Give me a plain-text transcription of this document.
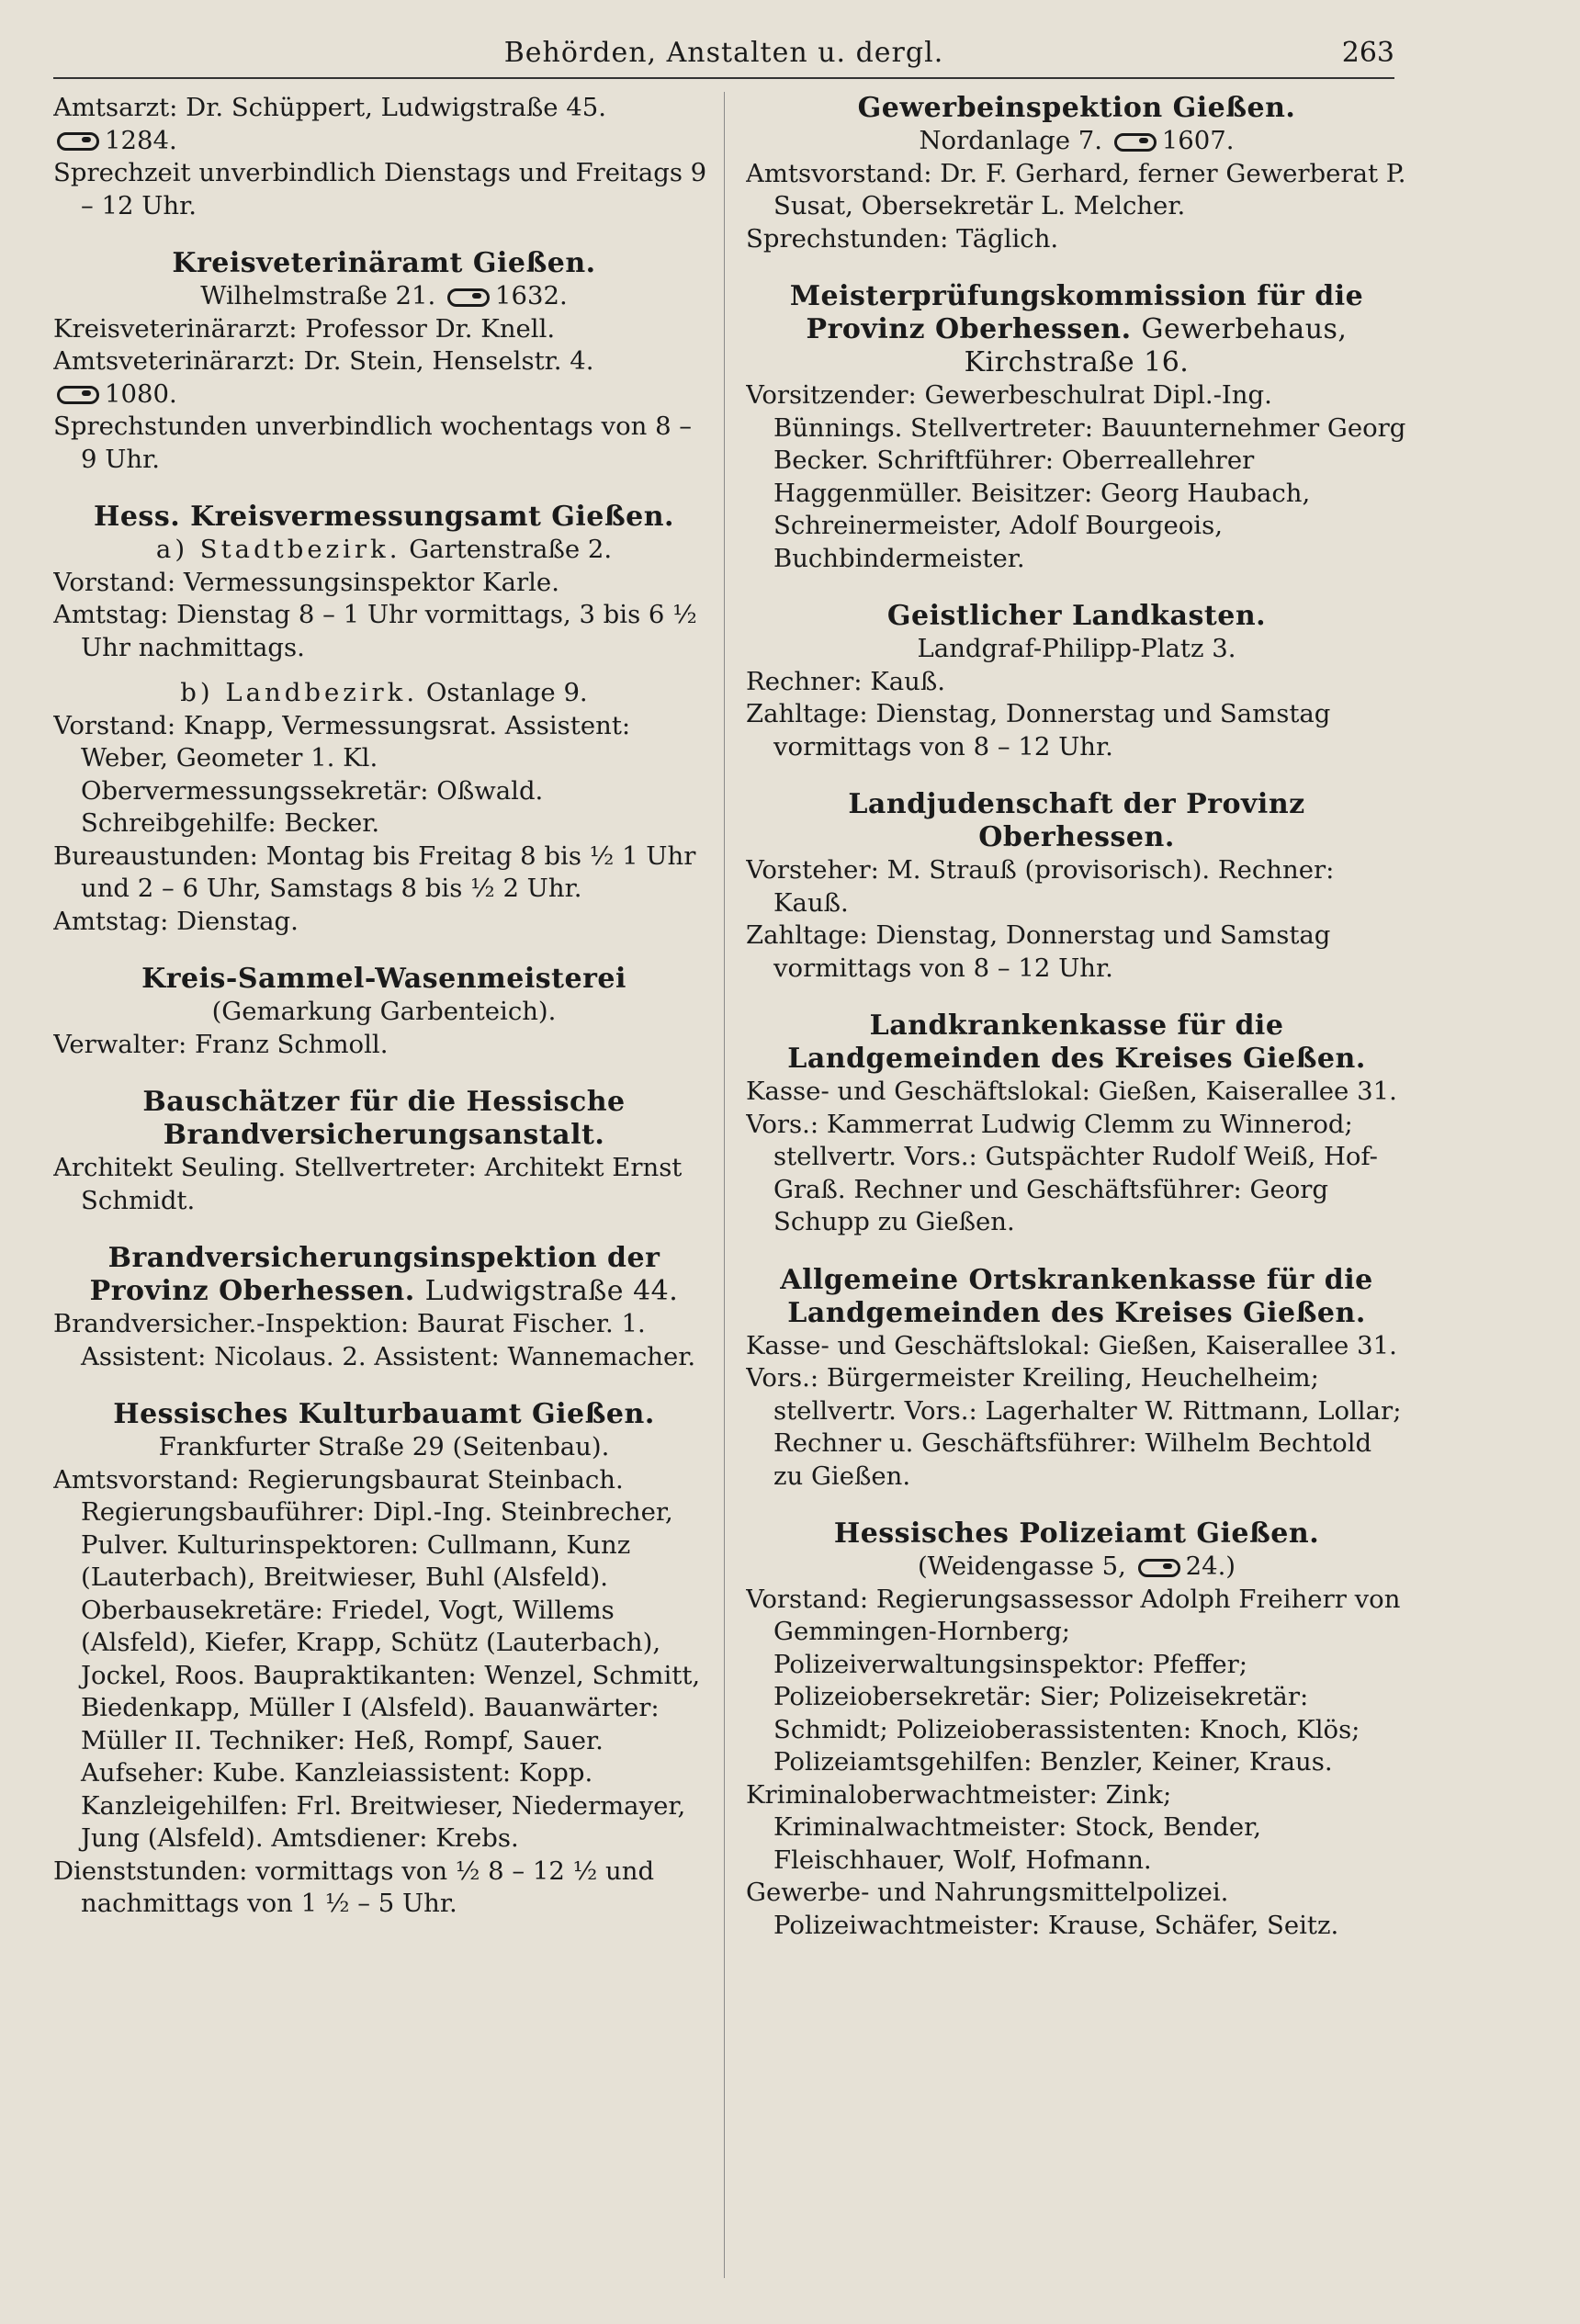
Behörden, Anstalten u. dergl.	263

Amtsarzt: Dr. Schüppert, Ludwigstraße 45.

1284.

Sprechzeit unverbindlich Dienstags und Freitags 9 – 12 Uhr.

Kreisveterinäramt Gießen.

Wilhelmstraße 21. 1632.

Kreisveterinärarzt: Professor Dr. Knell.

Amtsveterinärarzt: Dr. Stein, Henselstr. 4.

1080.

Sprechstunden unverbindlich wochentags von 8 – 9 Uhr.

Hess. Kreisvermessungsamt Gießen.

a) Stadtbezirk. Gartenstraße 2.

Vorstand: Vermessungsinspektor Karle.

Amtstag: Dienstag 8 – 1 Uhr vormittags, 3 bis 6 ½ Uhr nachmittags.

b) Landbezirk. Ostanlage 9.

Vorstand: Knapp, Vermessungsrat. Assistent: Weber, Geometer 1. Kl. Obervermessungssekretär: Oßwald. Schreibgehilfe: Becker.

Bureaustunden: Montag bis Freitag 8 bis ½ 1 Uhr und 2 – 6 Uhr, Samstags 8 bis ½ 2 Uhr.

Amtstag: Dienstag.

Kreis-Sammel-Wasenmeisterei

(Gemarkung Garbenteich).

Verwalter: Franz Schmoll.

Bauschätzer für die Hessische Brandversicherungsanstalt.

Architekt Seuling. Stellvertreter: Architekt Ernst Schmidt.

Brandversicherungsinspektion der Provinz Oberhessen. Ludwigstraße 44.

Brandversicher.-Inspektion: Baurat Fischer. 1. Assistent: Nicolaus. 2. Assistent: Wannemacher.

Hessisches Kulturbauamt Gießen.

Frankfurter Straße 29 (Seitenbau).

Amtsvorstand: Regierungsbaurat Steinbach. Regierungsbauführer: Dipl.-Ing. Steinbrecher, Pulver. Kulturinspektoren: Cullmann, Kunz (Lauterbach), Breitwieser, Buhl (Alsfeld). Oberbausekretäre: Friedel, Vogt, Willems (Alsfeld), Kiefer, Krapp, Schütz (Lauterbach), Jockel, Roos. Baupraktikanten: Wenzel, Schmitt, Biedenkapp, Müller I (Alsfeld). Bauanwärter: Müller II. Techniker: Heß, Rompf, Sauer. Aufseher: Kube. Kanzleiassistent: Kopp. Kanzleigehilfen: Frl. Breitwieser, Niedermayer, Jung (Alsfeld). Amtsdiener: Krebs.

Dienststunden: vormittags von ½ 8 – 12 ½ und nachmittags von 1 ½ – 5 Uhr.

Gewerbeinspektion Gießen.

Nordanlage 7. 1607.

Amtsvorstand: Dr. F. Gerhard, ferner Gewerberat P. Susat, Obersekretär L. Melcher.

Sprechstunden: Täglich.

Meisterprüfungskommission für die Provinz Oberhessen. Gewerbehaus, Kirchstraße 16.

Vorsitzender: Gewerbeschulrat Dipl.-Ing. Bünnings. Stellvertreter: Bauunternehmer Georg Becker. Schriftführer: Oberreallehrer Haggenmüller. Beisitzer: Georg Haubach, Schreinermeister, Adolf Bourgeois, Buchbindermeister.

Geistlicher Landkasten.

Landgraf-Philipp-Platz 3.

Rechner: Kauß.

Zahltage: Dienstag, Donnerstag und Samstag vormittags von 8 – 12 Uhr.

Landjudenschaft der Provinz Oberhessen.

Vorsteher: M. Strauß (provisorisch). Rechner: Kauß.

Zahltage: Dienstag, Donnerstag und Samstag vormittags von 8 – 12 Uhr.

Landkrankenkasse für die Landgemeinden des Kreises Gießen.

Kasse- und Geschäftslokal: Gießen, Kaiserallee 31.

Vors.: Kammerrat Ludwig Clemm zu Winnerod; stellvertr. Vors.: Gutspächter Rudolf Weiß, Hof-Graß. Rechner und Geschäftsführer: Georg Schupp zu Gießen.

Allgemeine Ortskrankenkasse für die Landgemeinden des Kreises Gießen.

Kasse- und Geschäftslokal: Gießen, Kaiserallee 31.

Vors.: Bürgermeister Kreiling, Heuchelheim; stellvertr. Vors.: Lagerhalter W. Rittmann, Lollar; Rechner u. Geschäftsführer: Wilhelm Bechtold zu Gießen.

Hessisches Polizeiamt Gießen.

(Weidengasse 5, 24.)

Vorstand: Regierungsassessor Adolph Freiherr von Gemmingen-Hornberg; Polizeiverwaltungsinspektor: Pfeffer; Polizeiobersekretär: Sier; Polizeisekretär: Schmidt; Polizeioberassistenten: Knoch, Klös; Polizeiamtsgehilfen: Benzler, Keiner, Kraus.

Kriminaloberwachtmeister: Zink; Kriminalwachtmeister: Stock, Bender, Fleischhauer, Wolf, Hofmann.

Gewerbe- und Nahrungsmittelpolizei. Polizeiwachtmeister: Krause, Schäfer, Seitz.
